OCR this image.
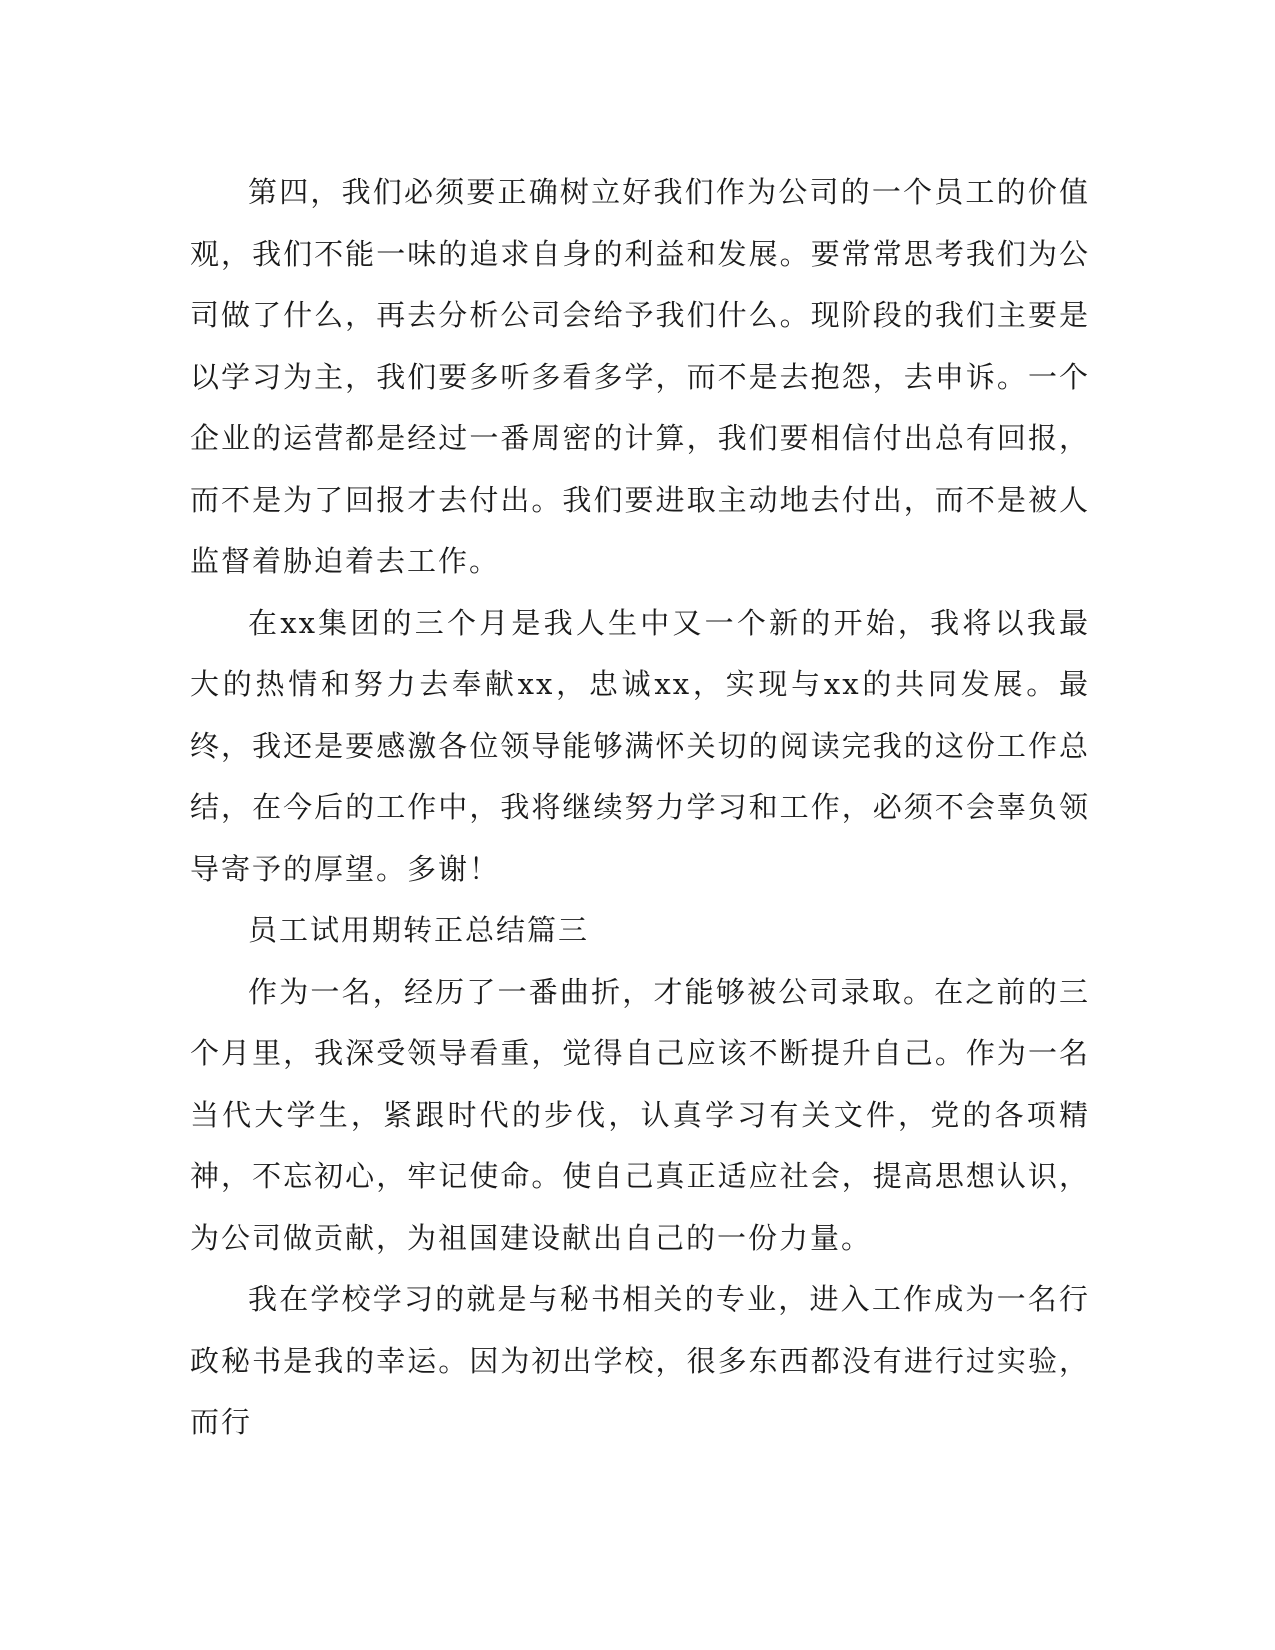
第四，我们必须要正确树立好我们作为公司的一个员工的价值观，我们不能一味的追求自身的利益和发展。要常常思考我们为公司做了什么，再去分析公司会给予我们什么。现阶段的我们主要是以学习为主，我们要多听多看多学，而不是去抱怨，去申诉。一个企业的运营都是经过一番周密的计算，我们要相信付出总有回报，而不是为了回报才去付出。我们要进取主动地去付出，而不是被人监督着胁迫着去工作。

在xx集团的三个月是我人生中又一个新的开始，我将以我最大的热情和努力去奉献xx，忠诚xx，实现与xx的共同发展。最终，我还是要感激各位领导能够满怀关切的阅读完我的这份工作总结，在今后的工作中，我将继续努力学习和工作，必须不会辜负领导寄予的厚望。多谢！

员工试用期转正总结篇三

作为一名，经历了一番曲折，才能够被公司录取。在之前的三个月里，我深受领导看重，觉得自己应该不断提升自己。作为一名当代大学生，紧跟时代的步伐，认真学习有关文件，党的各项精神，不忘初心，牢记使命。使自己真正适应社会，提高思想认识，为公司做贡献，为祖国建设献出自己的一份力量。

我在学校学习的就是与秘书相关的专业，进入工作成为一名行政秘书是我的幸运。因为初出学校，很多东西都没有进行过实验，而行
